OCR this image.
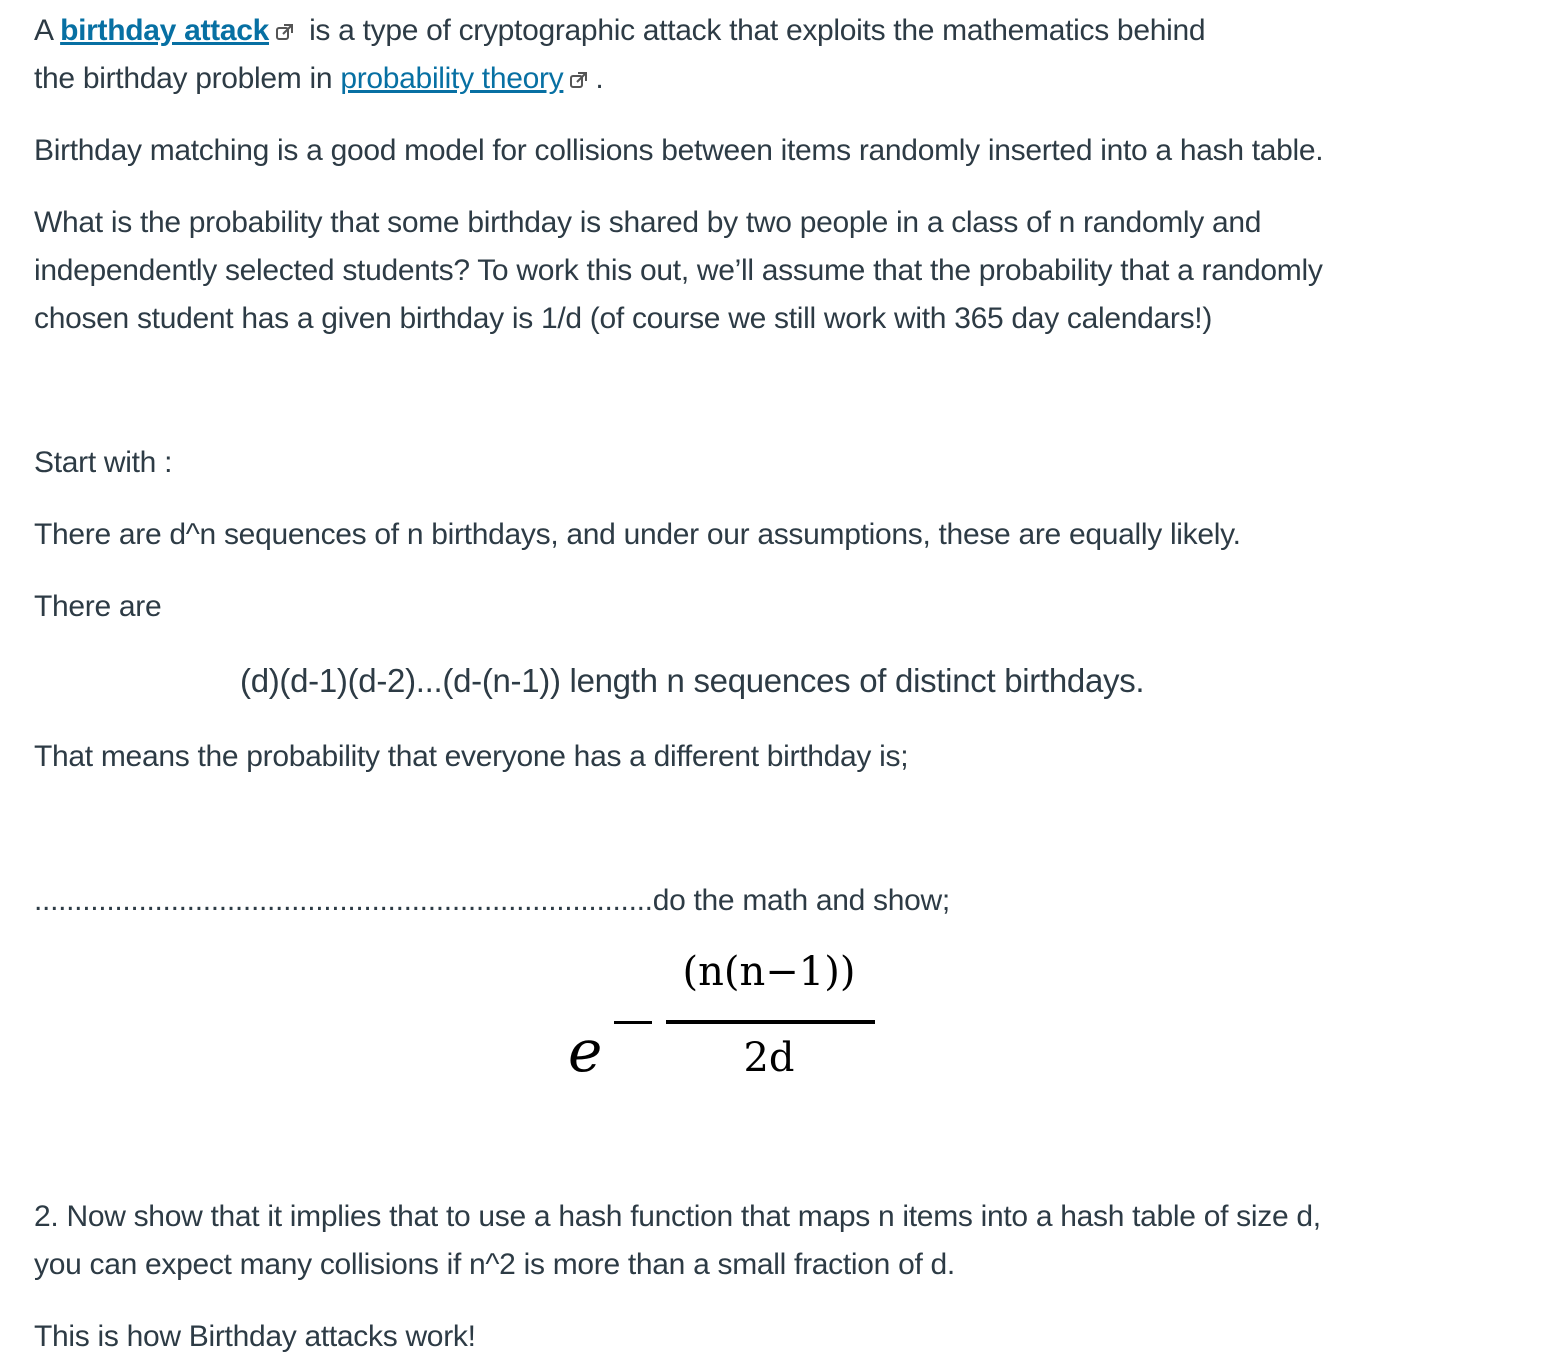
A birthday attack is a type of cryptographic attack that exploits the mathematics behind

the birthday problem in probability theory .

Birthday matching is a good model for collisions between items randomly inserted into a hash table.

What is the probability that some birthday is shared by two people in a class of n randomly and

independently selected students? To work this out, we’ll assume that the probability that a randomly

chosen student has a given birthday is 1/d (of course we still work with 365 day calendars!)

Start with :

There are d^n sequences of n birthdays, and under our assumptions, these are equally likely.

There are

(d)(d-1)(d-2)...(d-(n-1)) length n sequences of distinct birthdays.

That means the probability that everyone has a different birthday is;

.............................................................................do the math and show;

e
(n(n−1))
2d

2. Now show that it implies that to use a hash function that maps n items into a hash table of size d,

you can expect many collisions if n^2 is more than a small fraction of d.

This is how Birthday attacks work!
